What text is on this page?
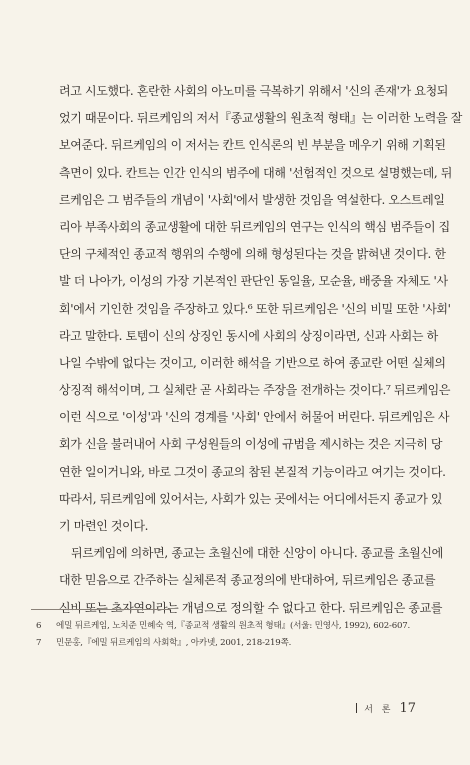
려고 시도했다. 혼란한 사회의 아노미를 극복하기 위해서 '신의 존재'가 요청되
었기 때문이다. 뒤르케임의 저서『종교생활의 원초적 형태』는 이러한 노력을 잘
보여준다. 뒤르케임의 이 저서는 칸트 인식론의 빈 부분을 메우기 위해 기획된
측면이 있다. 칸트는 인간 인식의 범주에 대해 '선험적인 것으로 설명했는데, 뒤
르케임은 그 범주들의 개념이 '사회'에서 발생한 것임을 역설한다. 오스트레일
리아 부족사회의 종교생활에 대한 뒤르케임의 연구는 인식의 핵심 범주들이 집
단의 구체적인 종교적 행위의 수행에 의해 형성된다는 것을 밝혀낸 것이다. 한
발 더 나아가, 이성의 가장 기본적인 판단인 동일율, 모순율, 배중율 자체도 '사
회'에서 기인한 것임을 주장하고 있다.⁶ 또한 뒤르케임은 '신의 비밀 또한 '사회'
라고 말한다. 토템이 신의 상징인 동시에 사회의 상징이라면, 신과 사회는 하
나일 수밖에 없다는 것이고, 이러한 해석을 기반으로 하여 종교란 어떤 실체의
상징적 해석이며, 그 실체란 곧 사회라는 주장을 전개하는 것이다.⁷ 뒤르케임은
이런 식으로 '이성'과 '신의 경계를 '사회' 안에서 허물어 버린다. 뒤르케임은 사
회가 신을 불러내어 사회 구성원들의 이성에 규범을 제시하는 것은 지극히 당
연한 일이거니와, 바로 그것이 종교의 참된 본질적 기능이라고 여기는 것이다.
따라서, 뒤르케임에 있어서는, 사회가 있는 곳에서는 어디에서든지 종교가 있
기 마련인 것이다.
뒤르케임에 의하면, 종교는 초월신에 대한 신앙이 아니다. 종교를 초월신에
대한 믿음으로 간주하는 실체론적 종교정의에 반대하여, 뒤르케임은 종교를
신비 또는 초자연이라는 개념으로 정의할 수 없다고 한다. 뒤르케임은 종교를
6 에밀 뒤르케임, 노치준 민혜숙 역,『종교적 생활의 원초적 형태』(서울: 민영사, 1992), 602-607.
7 민문홍,『에밀 뒤르케임의 사회학』, 아카넷, 2001, 218-219쪽.
서 론 17
